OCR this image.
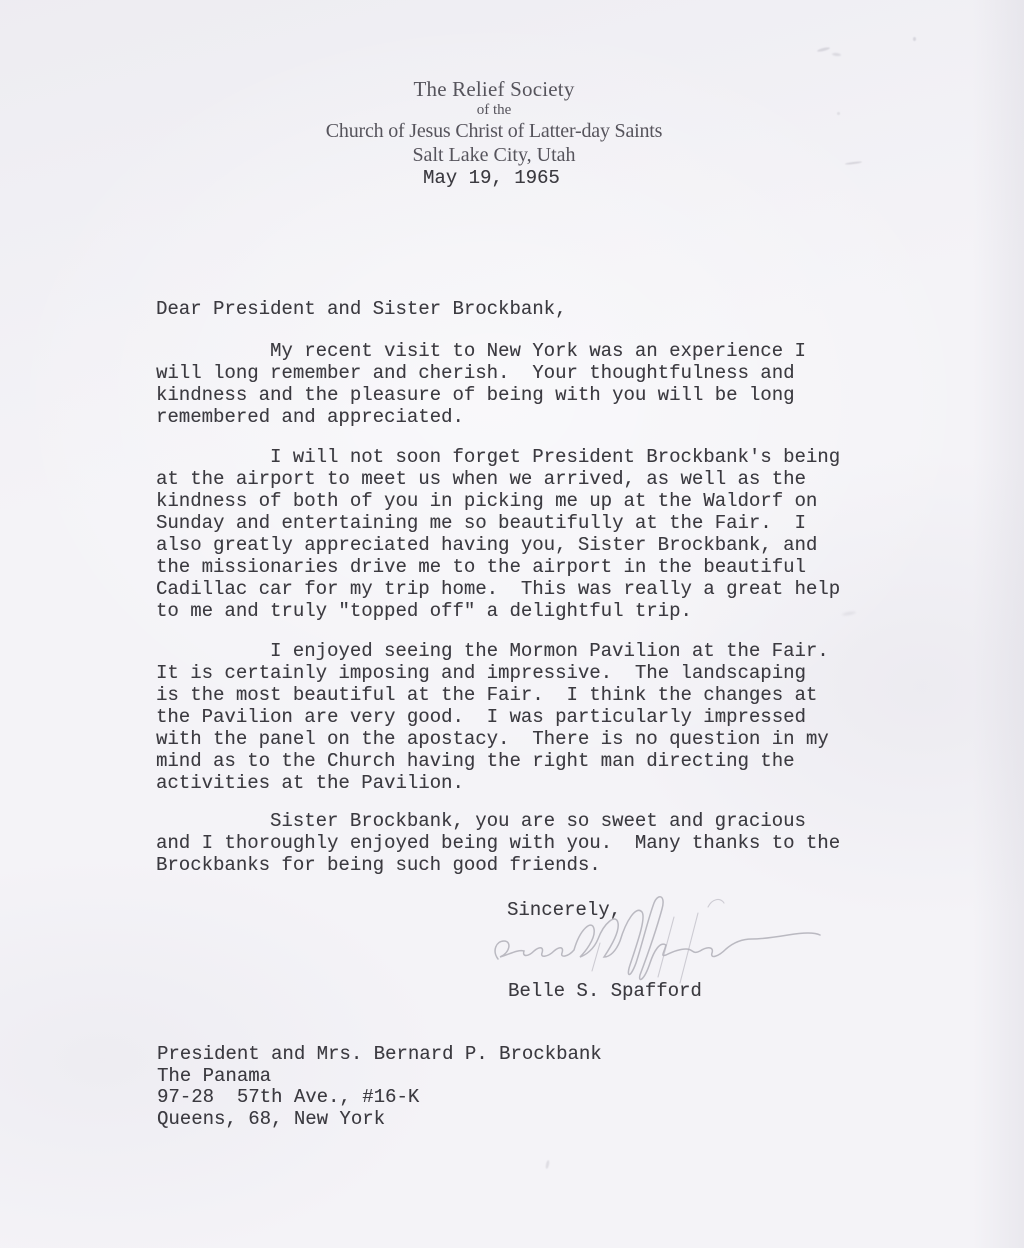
The Relief Society
of the
Church of Jesus Christ of Latter-day Saints
Salt Lake City, Utah
May 19, 1965
Dear President and Sister Brockbank,
My recent visit to New York was an experience I
will long remember and cherish.  Your thoughtfulness and
kindness and the pleasure of being with you will be long
remembered and appreciated.
I will not soon forget President Brockbank's being
at the airport to meet us when we arrived, as well as the
kindness of both of you in picking me up at the Waldorf on
Sunday and entertaining me so beautifully at the Fair.  I
also greatly appreciated having you, Sister Brockbank, and
the missionaries drive me to the airport in the beautiful
Cadillac car for my trip home.  This was really a great help
to me and truly "topped off" a delightful trip.
I enjoyed seeing the Mormon Pavilion at the Fair.
It is certainly imposing and impressive.  The landscaping
is the most beautiful at the Fair.  I think the changes at
the Pavilion are very good.  I was particularly impressed
with the panel on the apostacy.  There is no question in my
mind as to the Church having the right man directing the
activities at the Pavilion.
Sister Brockbank, you are so sweet and gracious
and I thoroughly enjoyed being with you.  Many thanks to the
Brockbanks for being such good friends.
Sincerely,
Belle S. Spafford
President and Mrs. Bernard P. Brockbank
The Panama
97-28  57th Ave., #16-K
Queens, 68, New York
